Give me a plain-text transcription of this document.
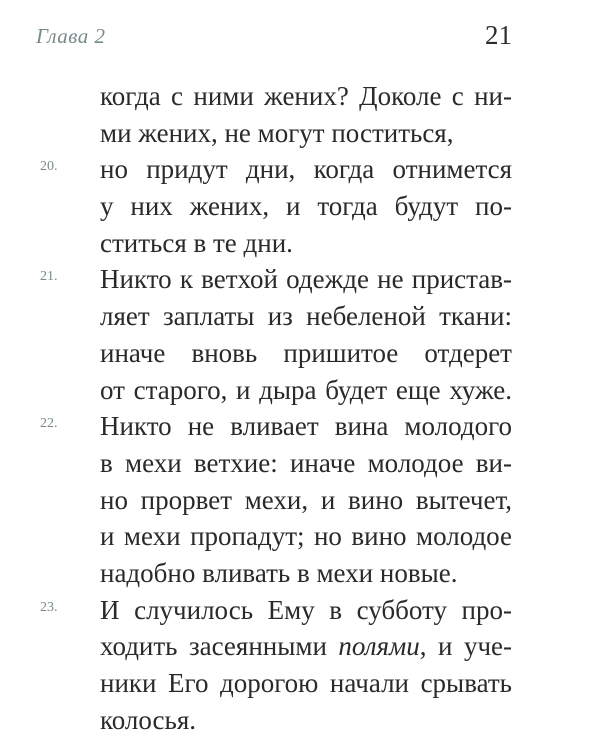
Глава 2	21
когда с ними жених? Доколе с ни-
ми жених, не могут поститься,
20. но придут дни, когда отнимется
у них жених, и тогда будут по-
ститься в те дни.
21. Никто к ветхой одежде не пристав-
ляет заплаты из небеленой ткани:
иначе вновь пришитое отдерет
от старого, и дыра будет еще хуже.
22. Никто не вливает вина молодого
в мехи ветхие: иначе молодое ви-
но прорвет мехи, и вино вытечет,
и мехи пропадут; но вино молодое
надобно вливать в мехи новые.
23. И случилось Ему в субботу про-
ходить засеянными полями, и уче-
ники Его дорогою начали срывать
колосья.
